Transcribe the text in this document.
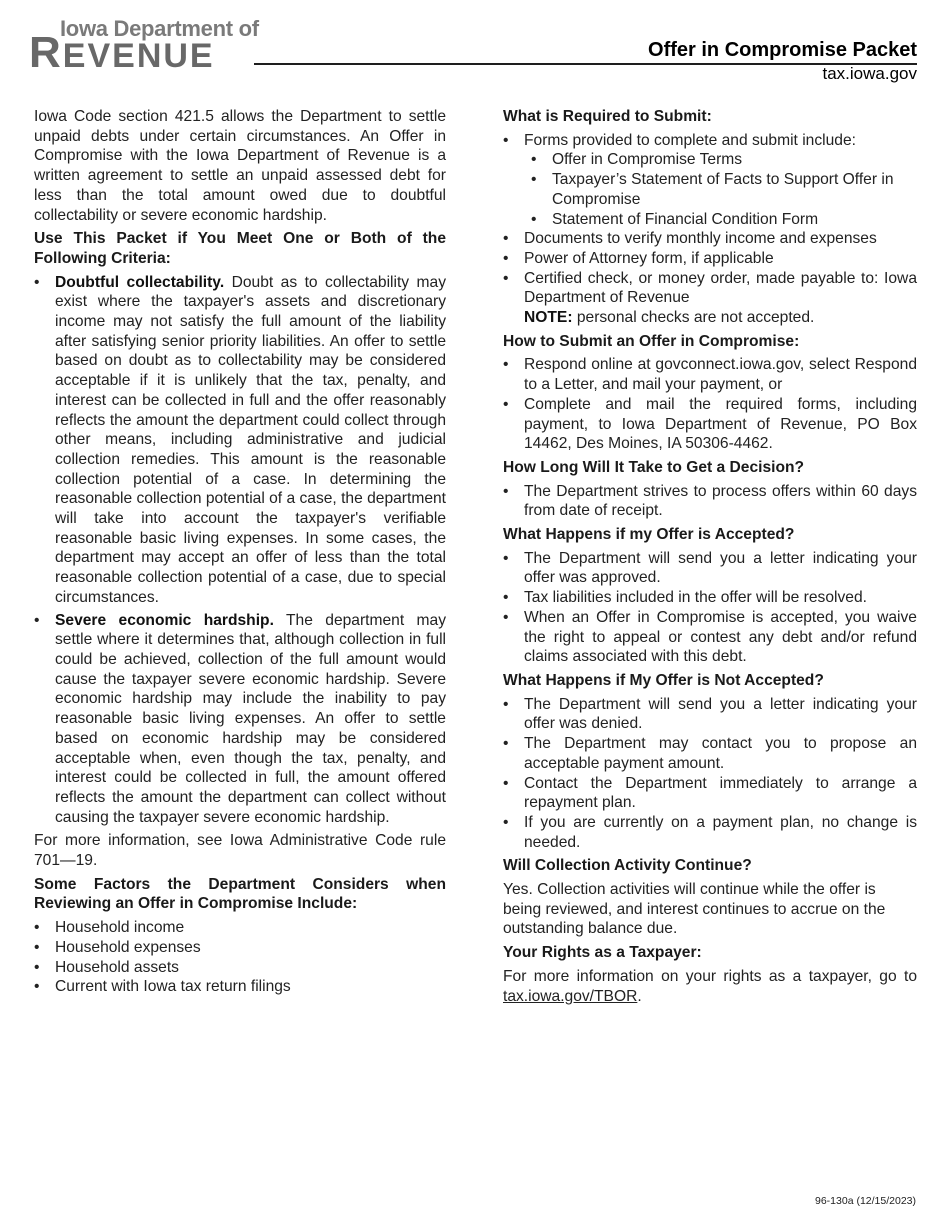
Iowa Department of
REVENUE	Offer in Compromise Packet
tax.iowa.gov

Iowa Code section 421.5 allows the Department to settle unpaid debts under certain circumstances. An Offer in Compromise with the Iowa Department of Revenue is a written agreement to settle an unpaid assessed debt for less than the total amount owed due to doubtful collectability or severe economic hardship.

Use This Packet if You Meet One or Both of the Following Criteria:
• Doubtful collectability. Doubt as to collectability may exist where the taxpayer's assets and discretionary income may not satisfy the full amount of the liability after satisfying senior priority liabilities. An offer to settle based on doubt as to collectability may be considered acceptable if it is unlikely that the tax, penalty, and interest can be collected in full and the offer reasonably reflects the amount the department could collect through other means, including administrative and judicial collection remedies. This amount is the reasonable collection potential of a case. In determining the reasonable collection potential of a case, the department will take into account the taxpayer's verifiable reasonable basic living expenses. In some cases, the department may accept an offer of less than the total reasonable collection potential of a case, due to special circumstances.
• Severe economic hardship. The department may settle where it determines that, although collection in full could be achieved, collection of the full amount would cause the taxpayer severe economic hardship. Severe economic hardship may include the inability to pay reasonable basic living expenses. An offer to settle based on economic hardship may be considered acceptable when, even though the tax, penalty, and interest could be collected in full, the amount offered reflects the amount the department can collect without causing the taxpayer severe economic hardship.

For more information, see Iowa Administrative Code rule 701—19.

Some Factors the Department Considers when Reviewing an Offer in Compromise Include:
• Household income
• Household expenses
• Household assets
• Current with Iowa tax return filings
What is Required to Submit:
• Forms provided to complete and submit include:
• Offer in Compromise Terms
• Taxpayer’s Statement of Facts to Support Offer in Compromise
• Statement of Financial Condition Form
• Documents to verify monthly income and expenses
• Power of Attorney form, if applicable
• Certified check, or money order, made payable to: Iowa Department of Revenue
NOTE: personal checks are not accepted.
How to Submit an Offer in Compromise:
• Respond online at govconnect.iowa.gov, select Respond to a Letter, and mail your payment, or
• Complete and mail the required forms, including payment, to Iowa Department of Revenue, PO Box 14462, Des Moines, IA 50306-4462.
How Long Will It Take to Get a Decision?
• The Department strives to process offers within 60 days from date of receipt.
What Happens if my Offer is Accepted?
• The Department will send you a letter indicating your offer was approved.
• Tax liabilities included in the offer will be resolved.
• When an Offer in Compromise is accepted, you waive the right to appeal or contest any debt and/or refund claims associated with this debt.
What Happens if My Offer is Not Accepted?
• The Department will send you a letter indicating your offer was denied.
• The Department may contact you to propose an acceptable payment amount.
• Contact the Department immediately to arrange a repayment plan.
• If you are currently on a payment plan, no change is needed.
Will Collection Activity Continue?

Yes. Collection activities will continue while the offer is being reviewed, and interest continues to accrue on the outstanding balance due.

Your Rights as a Taxpayer:

For more information on your rights as a taxpayer, go to tax.iowa.gov/TBOR.

96-130a (12/15/2023)
